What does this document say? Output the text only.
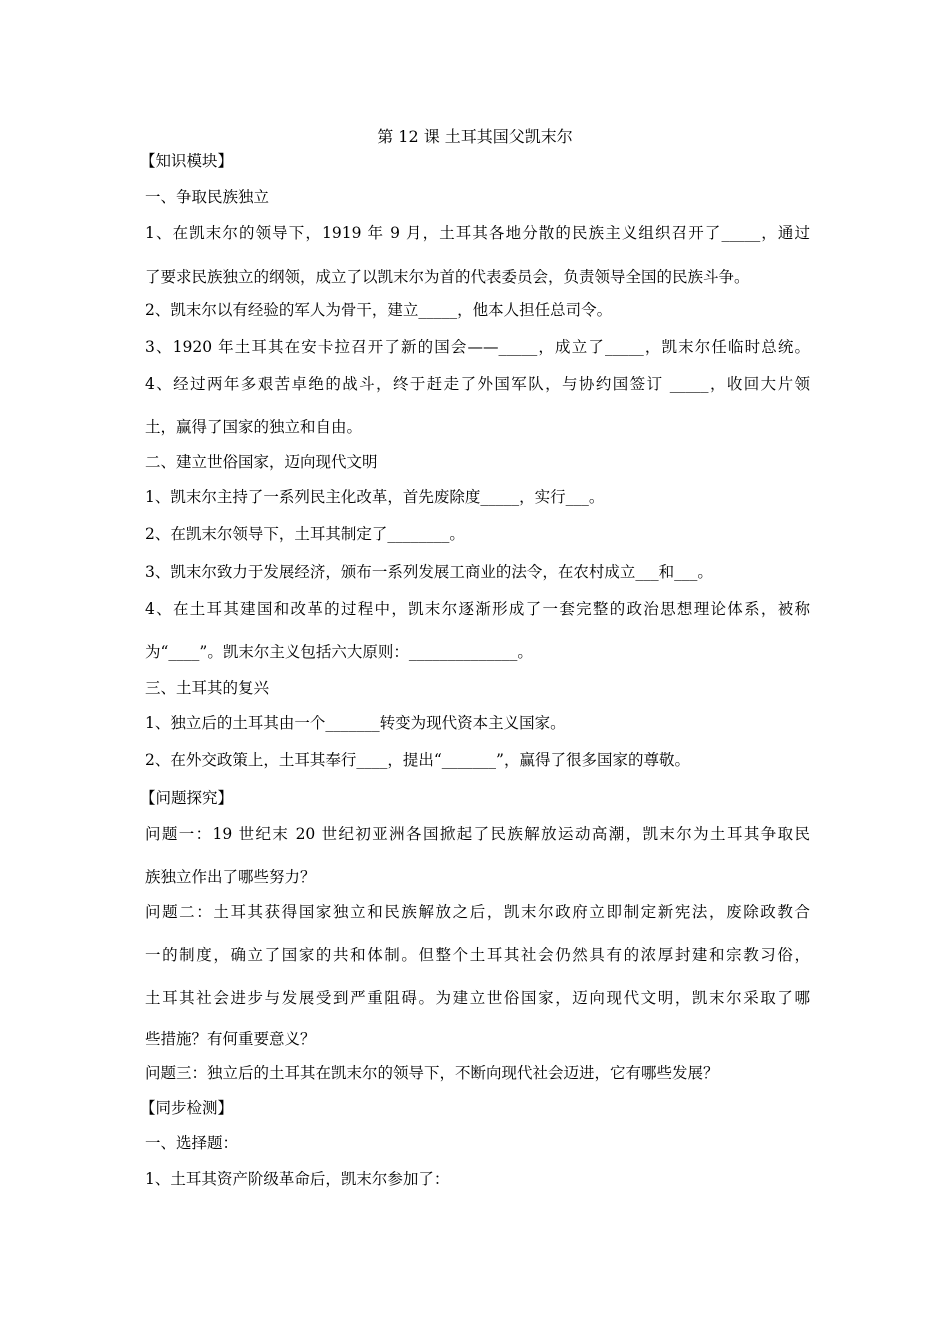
第 12 课 土耳其国父凯末尔
【知识模块】
一、争取民族独立
1、在凯末尔的领导下，1919 年 9 月，土耳其各地分散的民族主义组织召开了_____，通过
了要求民族独立的纲领，成立了以凯末尔为首的代表委员会，负责领导全国的民族斗争。
2、凯末尔以有经验的军人为骨干，建立_____，他本人担任总司令。
3、1920 年土耳其在安卡拉召开了新的国会——_____，成立了_____，凯末尔任临时总统。
4、经过两年多艰苦卓绝的战斗，终于赶走了外国军队，与协约国签订 _____，收回大片领
土，赢得了国家的独立和自由。
二、建立世俗国家，迈向现代文明
1、凯末尔主持了一系列民主化改革，首先废除度_____，实行___。
2、在凯末尔领导下，土耳其制定了________。
3、凯末尔致力于发展经济，颁布一系列发展工商业的法令，在农村成立___和___。
4、在土耳其建国和改革的过程中，凯末尔逐渐形成了一套完整的政治思想理论体系，被称
为“____”。凯末尔主义包括六大原则：______________。
三、土耳其的复兴
1、独立后的土耳其由一个_______转变为现代资本主义国家。
2、在外交政策上，土耳其奉行____，提出“_______”，赢得了很多国家的尊敬。
【问题探究】
问题一：19 世纪末 20 世纪初亚洲各国掀起了民族解放运动高潮，凯末尔为土耳其争取民
族独立作出了哪些努力？
问题二：土耳其获得国家独立和民族解放之后，凯末尔政府立即制定新宪法，废除政教合
一的制度，确立了国家的共和体制。但整个土耳其社会仍然具有的浓厚封建和宗教习俗，
土耳其社会进步与发展受到严重阻碍。为建立世俗国家，迈向现代文明，凯末尔采取了哪
些措施？有何重要意义？
问题三：独立后的土耳其在凯末尔的领导下，不断向现代社会迈进，它有哪些发展？
【同步检测】
一、选择题：
1、土耳其资产阶级革命后，凯末尔参加了：
